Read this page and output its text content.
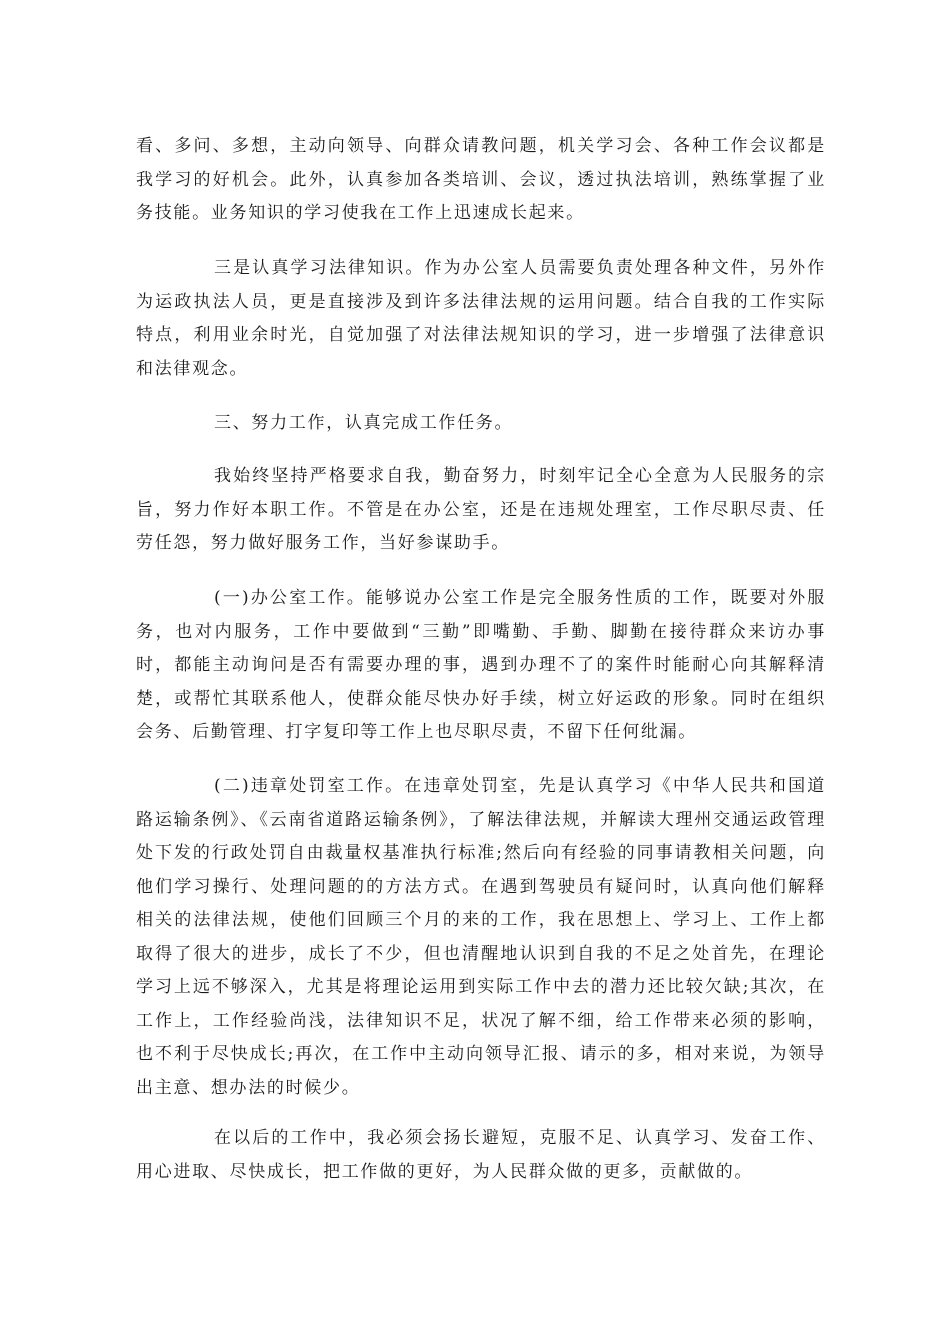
看、多问、多想，主动向领导、向群众请教问题，机关学习会、各种工作会议都是我学习的好机会。此外，认真参加各类培训、会议，透过执法培训，熟练掌握了业务技能。业务知识的学习使我在工作上迅速成长起来。

三是认真学习法律知识。作为办公室人员需要负责处理各种文件，另外作为运政执法人员，更是直接涉及到许多法律法规的运用问题。结合自我的工作实际特点，利用业余时光，自觉加强了对法律法规知识的学习，进一步增强了法律意识和法律观念。

三、努力工作，认真完成工作任务。

我始终坚持严格要求自我，勤奋努力，时刻牢记全心全意为人民服务的宗旨，努力作好本职工作。不管是在办公室，还是在违规处理室，工作尽职尽责、任劳任怨，努力做好服务工作，当好参谋助手。

(一)办公室工作。能够说办公室工作是完全服务性质的工作，既要对外服务，也对内服务，工作中要做到“三勤”即嘴勤、手勤、脚勤在接待群众来访办事时，都能主动询问是否有需要办理的事，遇到办理不了的案件时能耐心向其解释清楚，或帮忙其联系他人，使群众能尽快办好手续，树立好运政的形象。同时在组织会务、后勤管理、打字复印等工作上也尽职尽责，不留下任何纰漏。

(二)违章处罚室工作。在违章处罚室，先是认真学习《中华人民共和国道路运输条例》、《云南省道路运输条例》，了解法律法规，并解读大理州交通运政管理处下发的行政处罚自由裁量权基准执行标准;然后向有经验的同事请教相关问题，向他们学习操行、处理问题的的方法方式。在遇到驾驶员有疑问时，认真向他们解释相关的法律法规，使他们回顾三个月的来的工作，我在思想上、学习上、工作上都取得了很大的进步，成长了不少，但也清醒地认识到自我的不足之处首先，在理论学习上远不够深入，尤其是将理论运用到实际工作中去的潜力还比较欠缺;其次，在工作上，工作经验尚浅，法律知识不足，状况了解不细，给工作带来必须的影响，也不利于尽快成长;再次，在工作中主动向领导汇报、请示的多，相对来说，为领导出主意、想办法的时候少。

在以后的工作中，我必须会扬长避短，克服不足、认真学习、发奋工作、用心进取、尽快成长，把工作做的更好，为人民群众做的更多，贡献做的。
